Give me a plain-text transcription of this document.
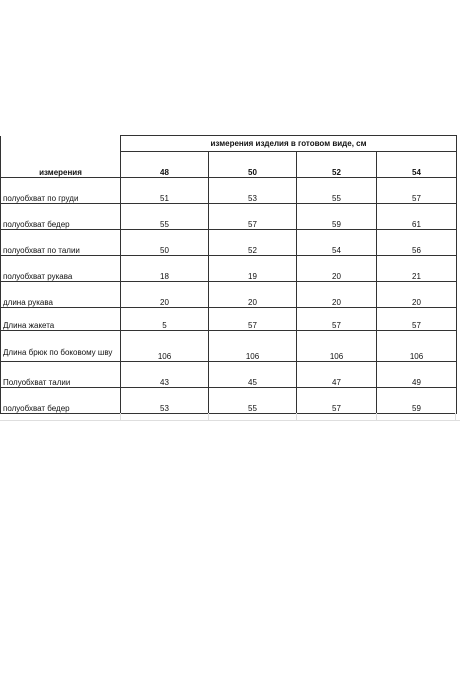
	измерения изделия в готовом виде, см			
измерения	48	50	52	54
полуобхват по груди	51	53	55	57
полуобхват бедер	55	57	59	61
полуобхват по талии	50	52	54	56
полуобхват рукава	18	19	20	21
длина рукава	20	20	20	20
Длина жакета	5	57	57	57
Длина брюк по боковому шву	106	106	106	106
Полуобхват талии	43	45	47	49
полуобхват бедер	53	55	57	59
